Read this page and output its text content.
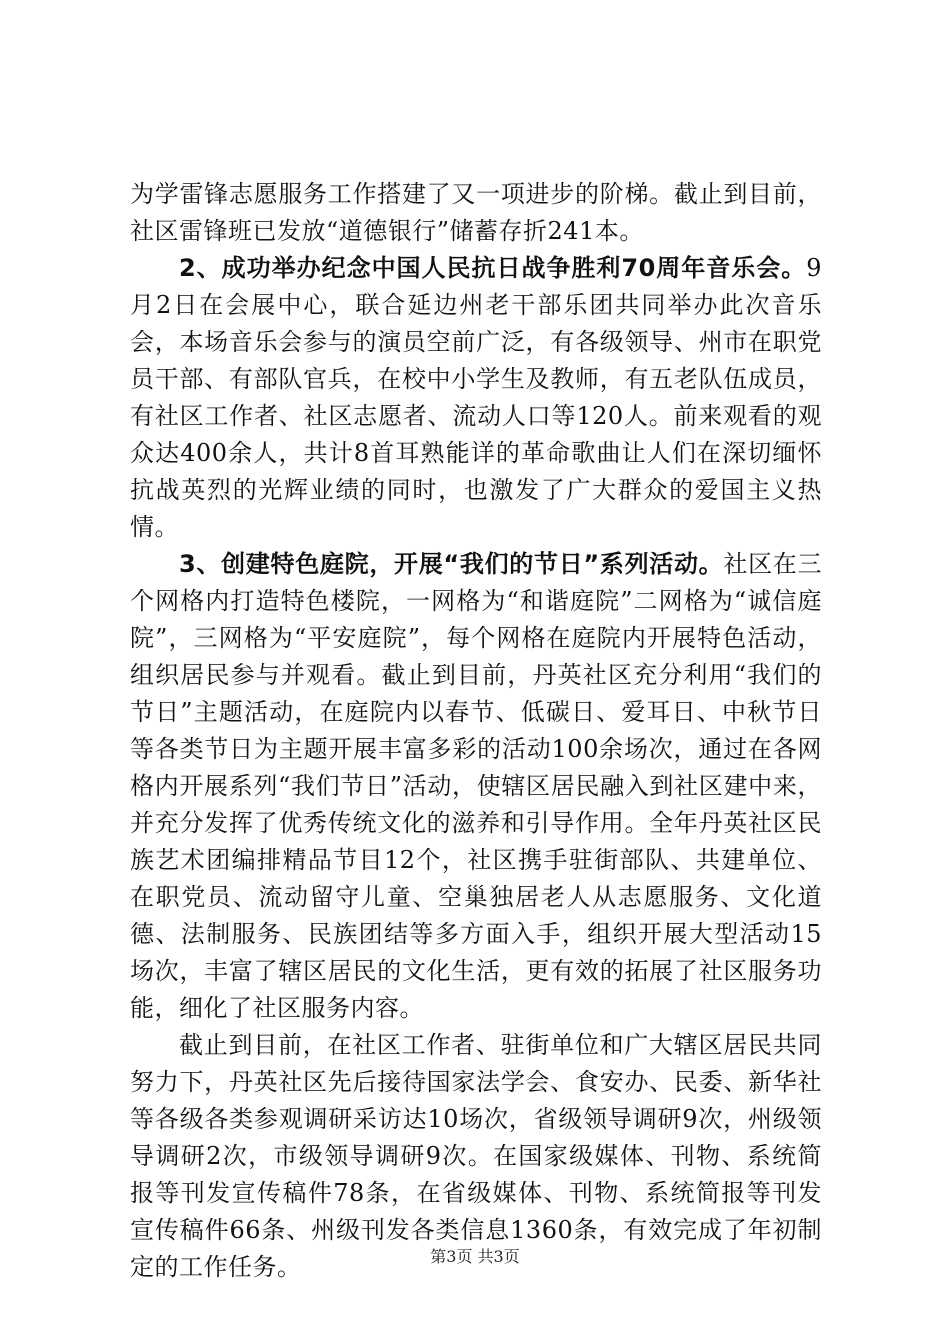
为学雷锋志愿服务工作搭建了又一项进步的阶梯。截止到目前，社区雷锋班已发放“道德银行”储蓄存折241本。

2、成功举办纪念中国人民抗日战争胜利70周年音乐会。9月2日在会展中心，联合延边州老干部乐团共同举办此次音乐会，本场音乐会参与的演员空前广泛，有各级领导、州市在职党员干部、有部队官兵，在校中小学生及教师，有五老队伍成员，有社区工作者、社区志愿者、流动人口等120人。前来观看的观众达400余人，共计8首耳熟能详的革命歌曲让人们在深切缅怀抗战英烈的光辉业绩的同时，也激发了广大群众的爱国主义热情。

3、创建特色庭院，开展“我们的节日”系列活动。社区在三个网格内打造特色楼院，一网格为“和谐庭院”二网格为“诚信庭院”，三网格为“平安庭院”，每个网格在庭院内开展特色活动，组织居民参与并观看。截止到目前，丹英社区充分利用“我们的节日”主题活动，在庭院内以春节、低碳日、爱耳日、中秋节日等各类节日为主题开展丰富多彩的活动100余场次，通过在各网格内开展系列“我们节日”活动，使辖区居民融入到社区建中来，并充分发挥了优秀传统文化的滋养和引导作用。全年丹英社区民族艺术团编排精品节目12个，社区携手驻街部队、共建单位、在职党员、流动留守儿童、空巢独居老人从志愿服务、文化道德、法制服务、民族团结等多方面入手，组织开展大型活动15场次，丰富了辖区居民的文化生活，更有效的拓展了社区服务功能，细化了社区服务内容。

截止到目前，在社区工作者、驻街单位和广大辖区居民共同努力下，丹英社区先后接待国家法学会、食安办、民委、新华社等各级各类参观调研采访达10场次，省级领导调研9次，州级领导调研2次，市级领导调研9次。在国家级媒体、刊物、系统简报等刊发宣传稿件78条，在省级媒体、刊物、系统简报等刊发宣传稿件66条、州级刊发各类信息1360条，有效完成了年初制定的工作任务。	第3页 共3页
